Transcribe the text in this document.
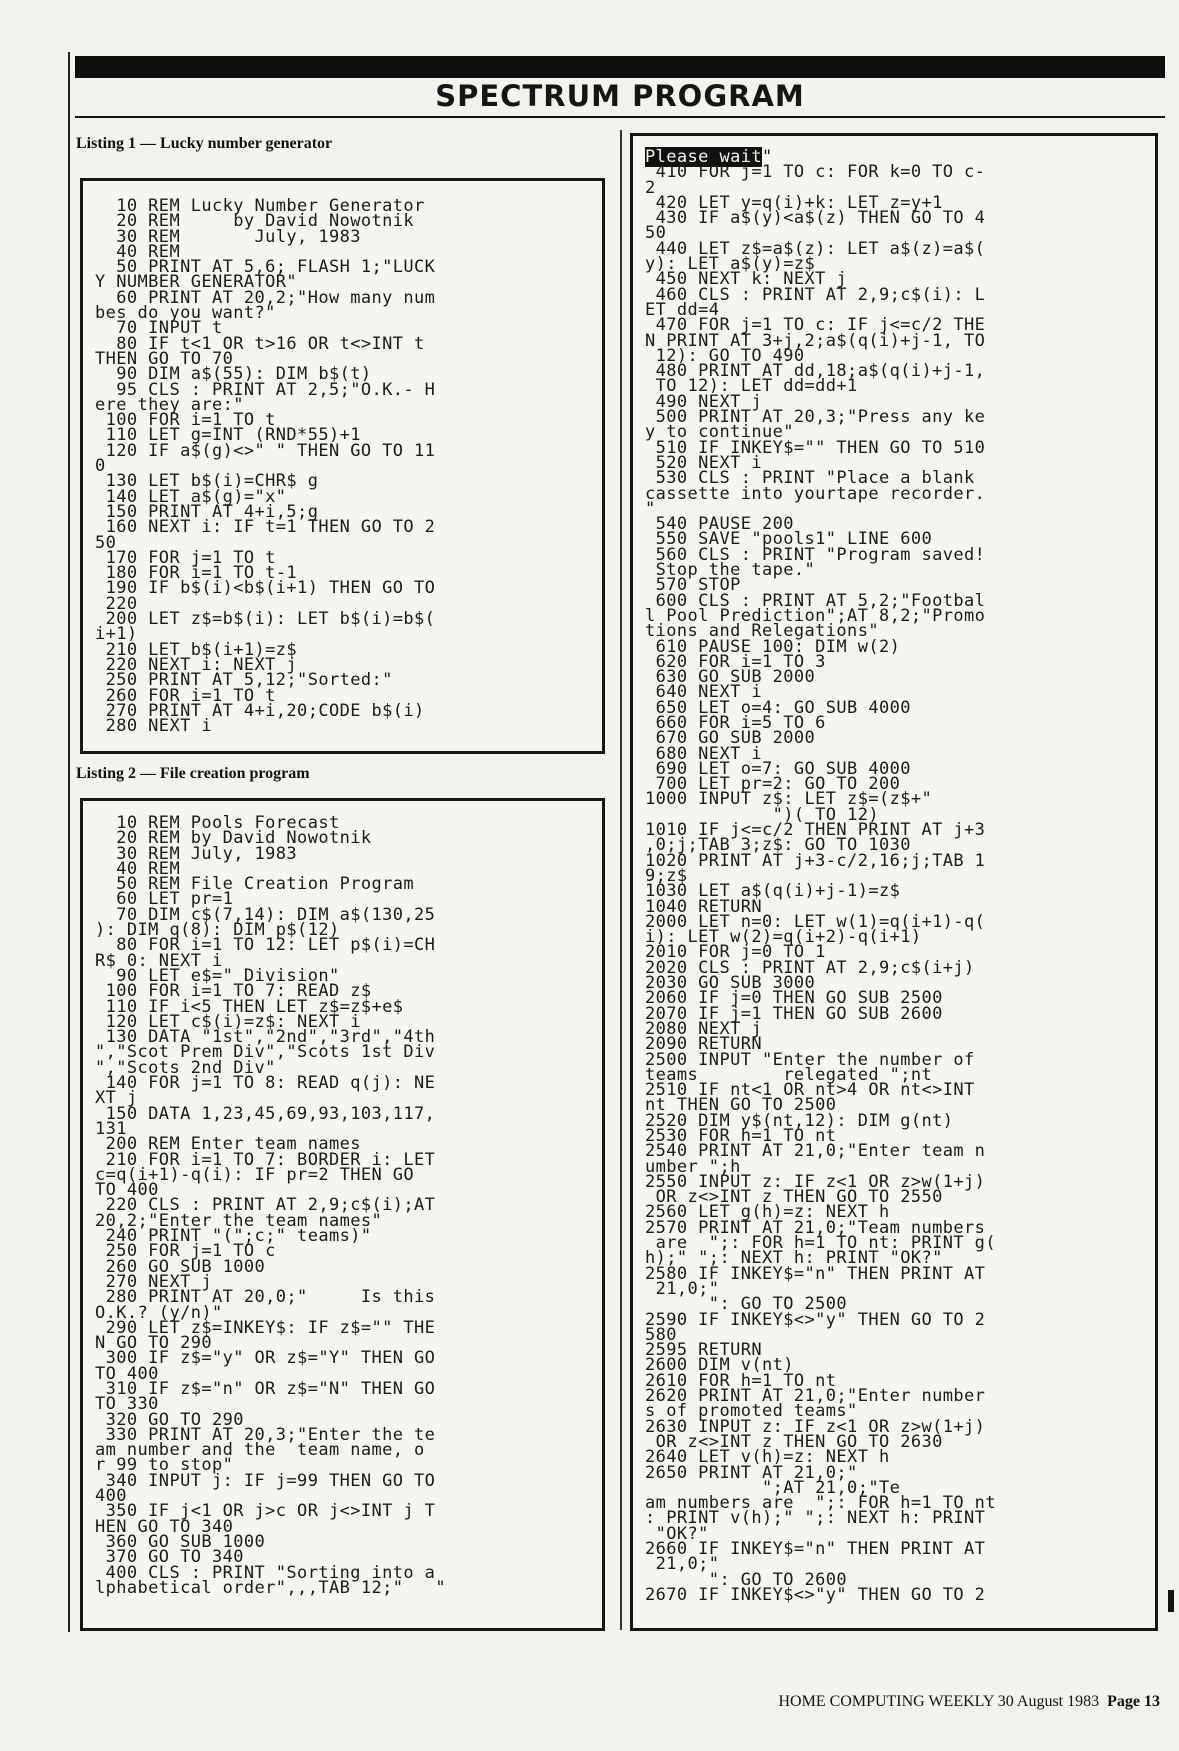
SPECTRUM PROGRAM
Listing 1 — Lucky number generator
10 REM Lucky Number Generator
20 REM     by David Nowotnik
30 REM       July, 1983
40 REM
50 PRINT AT 5,6; FLASH 1;"LUCK
Y NUMBER GENERATOR"
60 PRINT AT 20,2;"How many num
bes do you want?"
70 INPUT t
80 IF t<1 OR t>16 OR t<>INT t
THEN GO TO 70
90 DIM a$(55): DIM b$(t)
95 CLS : PRINT AT 2,5;"O.K.- H
ere they are:"
100 FOR i=1 TO t
110 LET g=INT (RND*55)+1
120 IF a$(g)<>" " THEN GO TO 11
0
130 LET b$(i)=CHR$ g
140 LET a$(g)="x"
150 PRINT AT 4+i,5;g
160 NEXT i: IF t=1 THEN GO TO 2
50
170 FOR j=1 TO t
180 FOR i=1 TO t-1
190 IF b$(i)<b$(i+1) THEN GO TO
220
200 LET z$=b$(i): LET b$(i)=b$(
i+1)
210 LET b$(i+1)=z$
220 NEXT i: NEXT j
250 PRINT AT 5,12;"Sorted:"
260 FOR i=1 TO t
270 PRINT AT 4+i,20;CODE b$(i)
280 NEXT i
Listing 2 — File creation program
10 REM Pools Forecast
20 REM by David Nowotnik
30 REM July, 1983
40 REM
50 REM File Creation Program
60 LET pr=1
70 DIM c$(7,14): DIM a$(130,25
): DIM q(8): DIM p$(12)
80 FOR i=1 TO 12: LET p$(i)=CH
R$ 0: NEXT i
90 LET e$=" Division"
100 FOR i=1 TO 7: READ z$
110 IF i<5 THEN LET z$=z$+e$
120 LET c$(i)=z$: NEXT i
130 DATA "1st","2nd","3rd","4th
","Scot Prem Div","Scots 1st Div
","Scots 2nd Div"
140 FOR j=1 TO 8: READ q(j): NE
XT j
150 DATA 1,23,45,69,93,103,117,
131
200 REM Enter team names
210 FOR i=1 TO 7: BORDER i: LET
c=q(i+1)-q(i): IF pr=2 THEN GO
TO 400
220 CLS : PRINT AT 2,9;c$(i);AT
20,2;"Enter the team names"
240 PRINT "(";c;" teams)"
250 FOR j=1 TO c
260 GO SUB 1000
270 NEXT j
280 PRINT AT 20,0;"     Is this
O.K.? (y/n)"
290 LET z$=INKEY$: IF z$="" THE
N GO TO 290
300 IF z$="y" OR z$="Y" THEN GO
TO 400
310 IF z$="n" OR z$="N" THEN GO
TO 330
320 GO TO 290
330 PRINT AT 20,3;"Enter the te
am number and the  team name, o
r 99 to stop"
340 INPUT j: IF j=99 THEN GO TO
400
350 IF j<1 OR j>c OR j<>INT j T
HEN GO TO 340
360 GO SUB 1000
370 GO TO 340
400 CLS : PRINT "Sorting into a
lphabetical order",,,TAB 12;"   "
Please wait"
410 FOR j=1 TO c: FOR k=0 TO c-
2
420 LET y=q(i)+k: LET z=y+1
430 IF a$(y)<a$(z) THEN GO TO 4
50
440 LET z$=a$(z): LET a$(z)=a$(
y): LET a$(y)=z$
450 NEXT k: NEXT j
460 CLS : PRINT AT 2,9;c$(i): L
ET dd=4
470 FOR j=1 TO c: IF j<=c/2 THE
N PRINT AT 3+j,2;a$(q(i)+j-1, TO
12): GO TO 490
480 PRINT AT dd,18;a$(q(i)+j-1,
TO 12): LET dd=dd+1
490 NEXT j
500 PRINT AT 20,3;"Press any ke
y to continue"
510 IF INKEY$="" THEN GO TO 510
520 NEXT i
530 CLS : PRINT "Place a blank
cassette into yourtape recorder.
"
540 PAUSE 200
550 SAVE "pools1" LINE 600
560 CLS : PRINT "Program saved!
Stop the tape."
570 STOP
600 CLS : PRINT AT 5,2;"Footbal
l Pool Prediction";AT 8,2;"Promo
tions and Relegations"
610 PAUSE 100: DIM w(2)
620 FOR i=1 TO 3
630 GO SUB 2000
640 NEXT i
650 LET o=4: GO SUB 4000
660 FOR i=5 TO 6
670 GO SUB 2000
680 NEXT i
690 LET o=7: GO SUB 4000
700 LET pr=2: GO TO 200
1000 INPUT z$: LET z$=(z$+"
")( TO 12)
1010 IF j<=c/2 THEN PRINT AT j+3
,0;j;TAB 3;z$: GO TO 1030
1020 PRINT AT j+3-c/2,16;j;TAB 1
9;z$
1030 LET a$(q(i)+j-1)=z$
1040 RETURN
2000 LET n=0: LET w(1)=q(i+1)-q(
i): LET w(2)=q(i+2)-q(i+1)
2010 FOR j=0 TO 1
2020 CLS : PRINT AT 2,9;c$(i+j)
2030 GO SUB 3000
2060 IF j=0 THEN GO SUB 2500
2070 IF j=1 THEN GO SUB 2600
2080 NEXT j
2090 RETURN
2500 INPUT "Enter the number of
teams        relegated ";nt
2510 IF nt<1 OR nt>4 OR nt<>INT
nt THEN GO TO 2500
2520 DIM y$(nt,12): DIM g(nt)
2530 FOR h=1 TO nt
2540 PRINT AT 21,0;"Enter team n
umber ";h
2550 INPUT z: IF z<1 OR z>w(1+j)
OR z<>INT z THEN GO TO 2550
2560 LET g(h)=z: NEXT h
2570 PRINT AT 21,0;"Team numbers
are  ";: FOR h=1 TO nt: PRINT g(
h);" ";: NEXT h: PRINT "OK?"
2580 IF INKEY$="n" THEN PRINT AT
21,0;"
": GO TO 2500
2590 IF INKEY$<>"y" THEN GO TO 2
580
2595 RETURN
2600 DIM v(nt)
2610 FOR h=1 TO nt
2620 PRINT AT 21,0;"Enter number
s of promoted teams"
2630 INPUT z: IF z<1 OR z>w(1+j)
OR z<>INT z THEN GO TO 2630
2640 LET v(h)=z: NEXT h
2650 PRINT AT 21,0;"
";AT 21,0;"Te
am numbers are  ";: FOR h=1 TO nt
: PRINT v(h);" ";: NEXT h: PRINT
"OK?"
2660 IF INKEY$="n" THEN PRINT AT
21,0;"
": GO TO 2600
2670 IF INKEY$<>"y" THEN GO TO 2
HOME COMPUTING WEEKLY 30 August 1983 Page 13
